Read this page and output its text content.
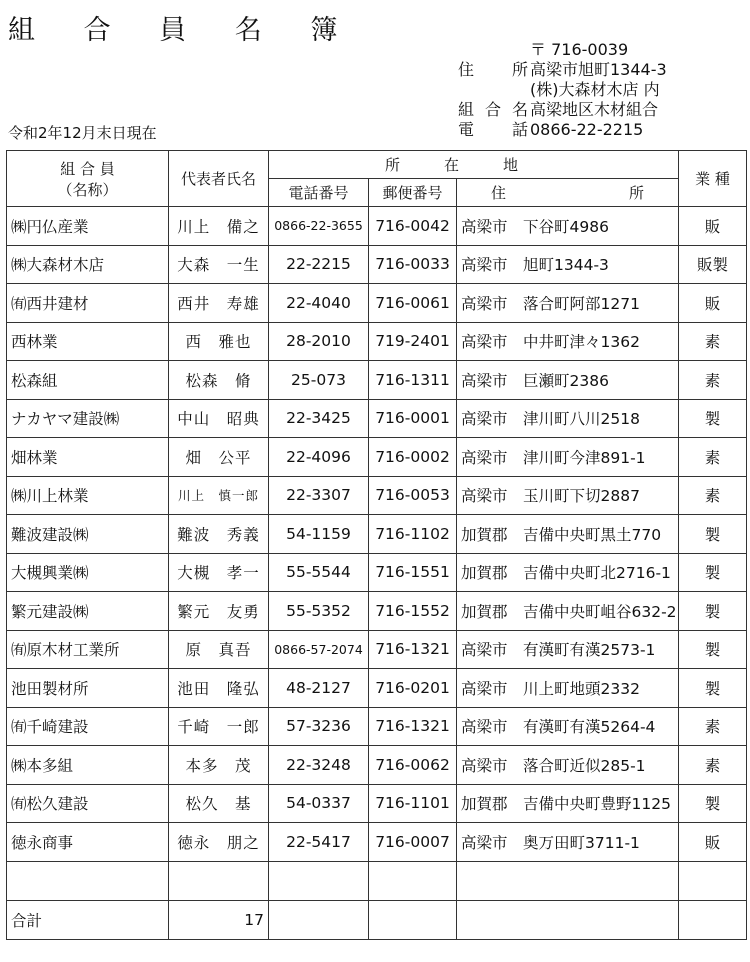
組 合 員 名 簿
〒 716-0039
住 所 高梁市旭町1344-3
(株)大森材木店 内
組 合 名 高梁地区木材組合
電 話 0866-22-2215
令和2年12月末日現在
組 合 員
（名称）	代表者氏名	所在地			業 種
		電話番号	郵便番号	住 所	

㈱円仏産業	川上　備之	0866-22-3655	716-0042	高梁市　下谷町4986	販
㈱大森材木店	大森　一生	22-2215	716-0033	高梁市　旭町1344-3	販製
㈲西井建材	西井　寿雄	22-4040	716-0061	高梁市　落合町阿部1271	販
西林業	西　雅也	28-2010	719-2401	高梁市　中井町津々1362	素
松森組	松森　脩	25-073	716-1311	高梁市　巨瀬町2386	素
ナカヤマ建設㈱	中山　昭典	22-3425	716-0001	高梁市　津川町八川2518	製
畑林業	畑　公平	22-4096	716-0002	高梁市　津川町今津891-1	素
㈱川上林業	川上　慎一郎	22-3307	716-0053	高梁市　玉川町下切2887	素
難波建設㈱	難波　秀義	54-1159	716-1102	加賀郡　吉備中央町黒土770	製
大槻興業㈱	大槻　孝一	55-5544	716-1551	加賀郡　吉備中央町北2716-1	製
繁元建設㈱	繁元　友勇	55-5352	716-1552	加賀郡　吉備中央町岨谷632-2	製
㈲原木材工業所	原　真吾	0866-57-2074	716-1321	高梁市　有漢町有漢2573-1	製
池田製材所	池田　隆弘	48-2127	716-0201	高梁市　川上町地頭2332	製
㈲千崎建設	千崎　一郎	57-3236	716-1321	高梁市　有漢町有漢5264-4	素
㈱本多組	本多　茂	22-3248	716-0062	高梁市　落合町近似285-1	素
㈲松久建設	松久　基	54-0337	716-1101	加賀郡　吉備中央町豊野1125	製
徳永商事	徳永　朋之	22-5417	716-0007	高梁市　奥万田町3711-1	販

合計	17				
